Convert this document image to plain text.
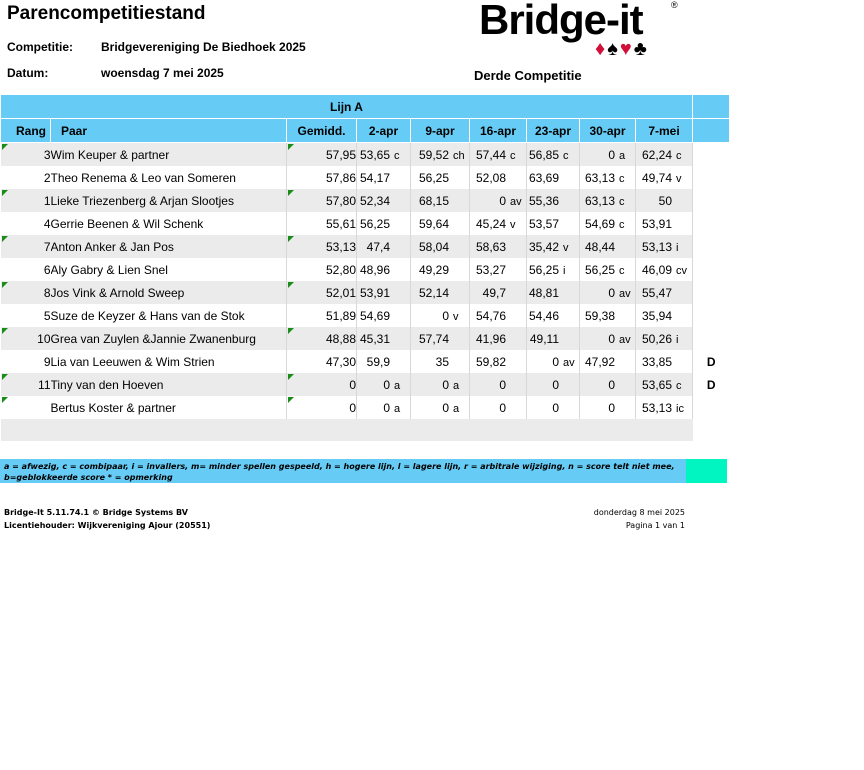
Parencompetitiestand
Competitie: Bridgevereniging De Biedhoek 2025
Datum:	woensdag 7 mei 2025
Bridge-it	®
♦♠♥♣
Derde Competitie
Lijn A									
Rang	Paar	Gemidd.	2-apr	9-apr	16-apr	23-apr	30-apr	7-mei	

3	Wim Keuper & partner	57,95	53,65 c	59,52 ch	57,44 c	56,85 c	0 a	62,24 c	
2	Theo Renema & Leo van Someren	57,86	54,17	56,25	52,08	63,69	63,13 c	49,74 v	

1	Lieke Triezenberg & Arjan Slootjes	57,80	52,34	68,15	0 av	55,36	63,13 c	50	
4	Gerrie Beenen & Wil Schenk	55,61	56,25	59,64	45,24 v	53,57	54,69 c	53,91	

7	Anton Anker & Jan Pos	53,13	47,4	58,04	58,63	35,42 v	48,44	53,13 i	
6	Aly Gabry & Lien Snel	52,80	48,96	49,29	53,27	56,25 i	56,25 c	46,09 cv	

8	Jos Vink & Arnold Sweep	52,01	53,91	52,14	49,7	48,81	0 av	55,47	
5	Suze de Keyzer & Hans van de Stok	51,89	54,69	0 v	54,76	54,46	59,38	35,94	

10	Grea van Zuylen &Jannie Zwanenburg	48,88	45,31	57,74	41,96	49,11	0 av	50,26 i	
9	Lia van Leeuwen & Wim Strien	47,30	59,9	35	59,82	0 av	47,92	33,85	D

11	Tiny van den Hoeven	0	0 a	0 a	0	0	0	53,65 c	D

	Bertus Koster & partner	0	0 a	0 a	0	0	0	53,13 ic	

a = afwezig, c = combipaar, i = invallers, m= minder spellen gespeeld, h = hogere lijn, l = lagere lijn, r = arbitrale wijziging, n = score telt niet mee, b=geblokkeerde score * = opmerking
Bridge-It 5.11.74.1 © Bridge Systems BV
Licentiehouder: Wijkvereniging Ajour (20551)
donderdag 8 mei 2025
Pagina 1 van 1
